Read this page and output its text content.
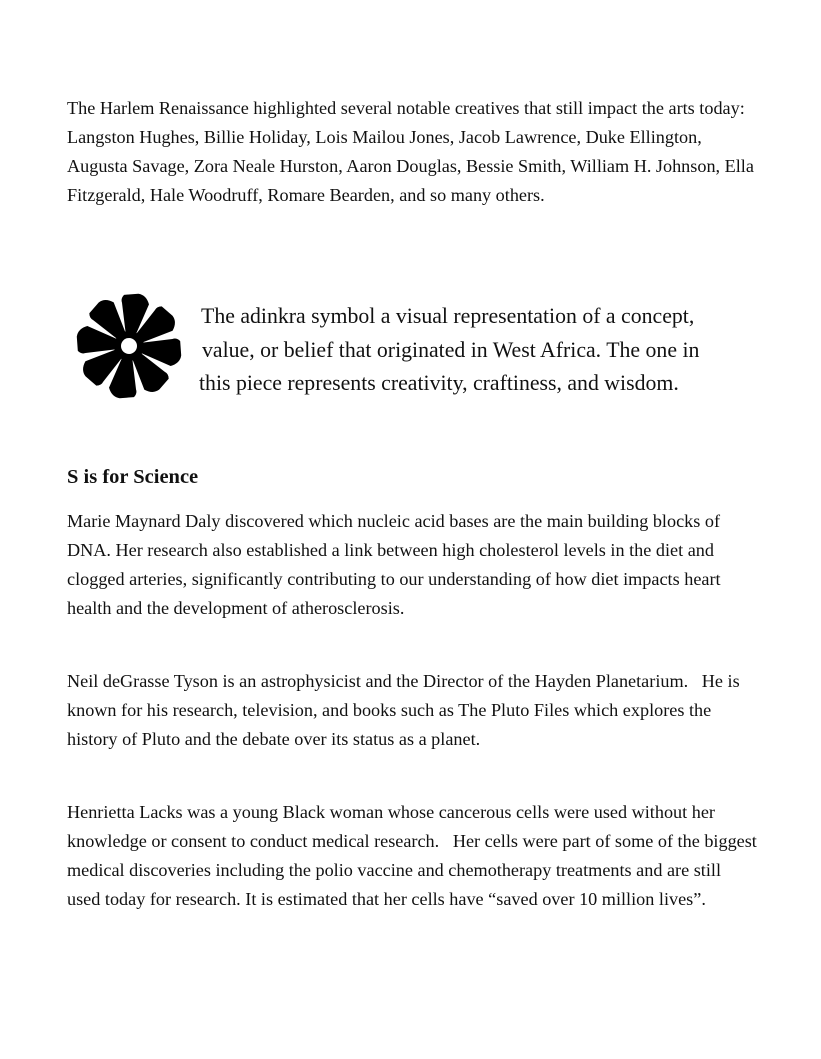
The Harlem Renaissance highlighted several notable creatives that still impact the arts today: Langston Hughes, Billie Holiday, Lois Mailou Jones, Jacob Lawrence, Duke Ellington, Augusta Savage, Zora Neale Hurston, Aaron Douglas, Bessie Smith, William H. Johnson, Ella Fitzgerald, Hale Woodruff, Romare Bearden, and so many others.

The adinkra symbol a visual representation of a concept,
value, or belief that originated in West Africa. The one in
this piece represents creativity, craftiness, and wisdom.

S is for Science

Marie Maynard Daly discovered which nucleic acid bases are the main building blocks of DNA. Her research also established a link between high cholesterol levels in the diet and clogged arteries, significantly contributing to our understanding of how diet impacts heart health and the development of atherosclerosis.

Neil deGrasse Tyson is an astrophysicist and the Director of the Hayden Planetarium.   He is known for his research, television, and books such as The Pluto Files which explores the history of Pluto and the debate over its status as a planet.

Henrietta Lacks was a young Black woman whose cancerous cells were used without her knowledge or consent to conduct medical research.   Her cells were part of some of the biggest medical discoveries including the polio vaccine and chemotherapy treatments and are still used today for research. It is estimated that her cells have “saved over 10 million lives”.
